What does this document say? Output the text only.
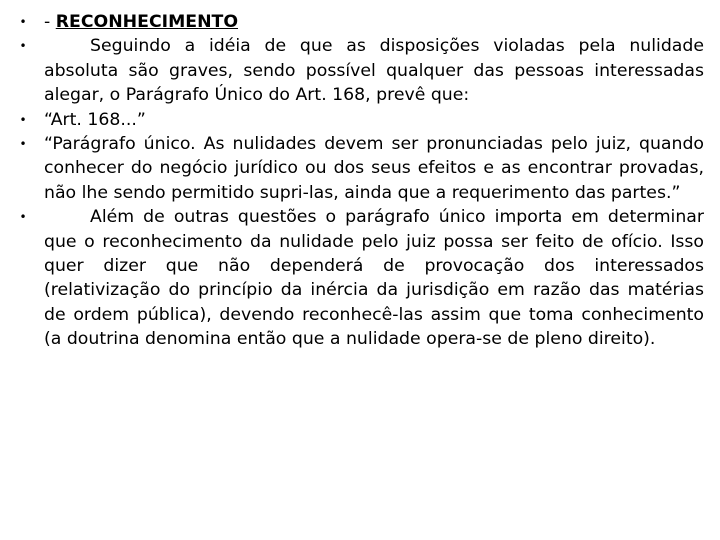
• - RECONHECIMENTO
•	Seguindo a idéia de que as disposições violadas pela nulidade absoluta são graves, sendo possível qualquer das pessoas interessadas alegar, o Parágrafo Único do Art. 168, prevê que:
• “Art. 168...”
• “Parágrafo único. As nulidades devem ser pronunciadas pelo juiz, quando conhecer do negócio jurídico ou dos seus efeitos e as encontrar provadas, não lhe sendo permitido supri-las, ainda que a requerimento das partes.”
•	Além de outras questões o parágrafo único importa em determinar que o reconhecimento da nulidade pelo juiz possa ser feito de ofício. Isso quer dizer que não dependerá de provocação dos interessados (relativização do princípio da inércia da jurisdição em razão das matérias de ordem pública), devendo reconhecê-las assim que toma conhecimento (a doutrina denomina então que a nulidade opera-se de pleno direito).
